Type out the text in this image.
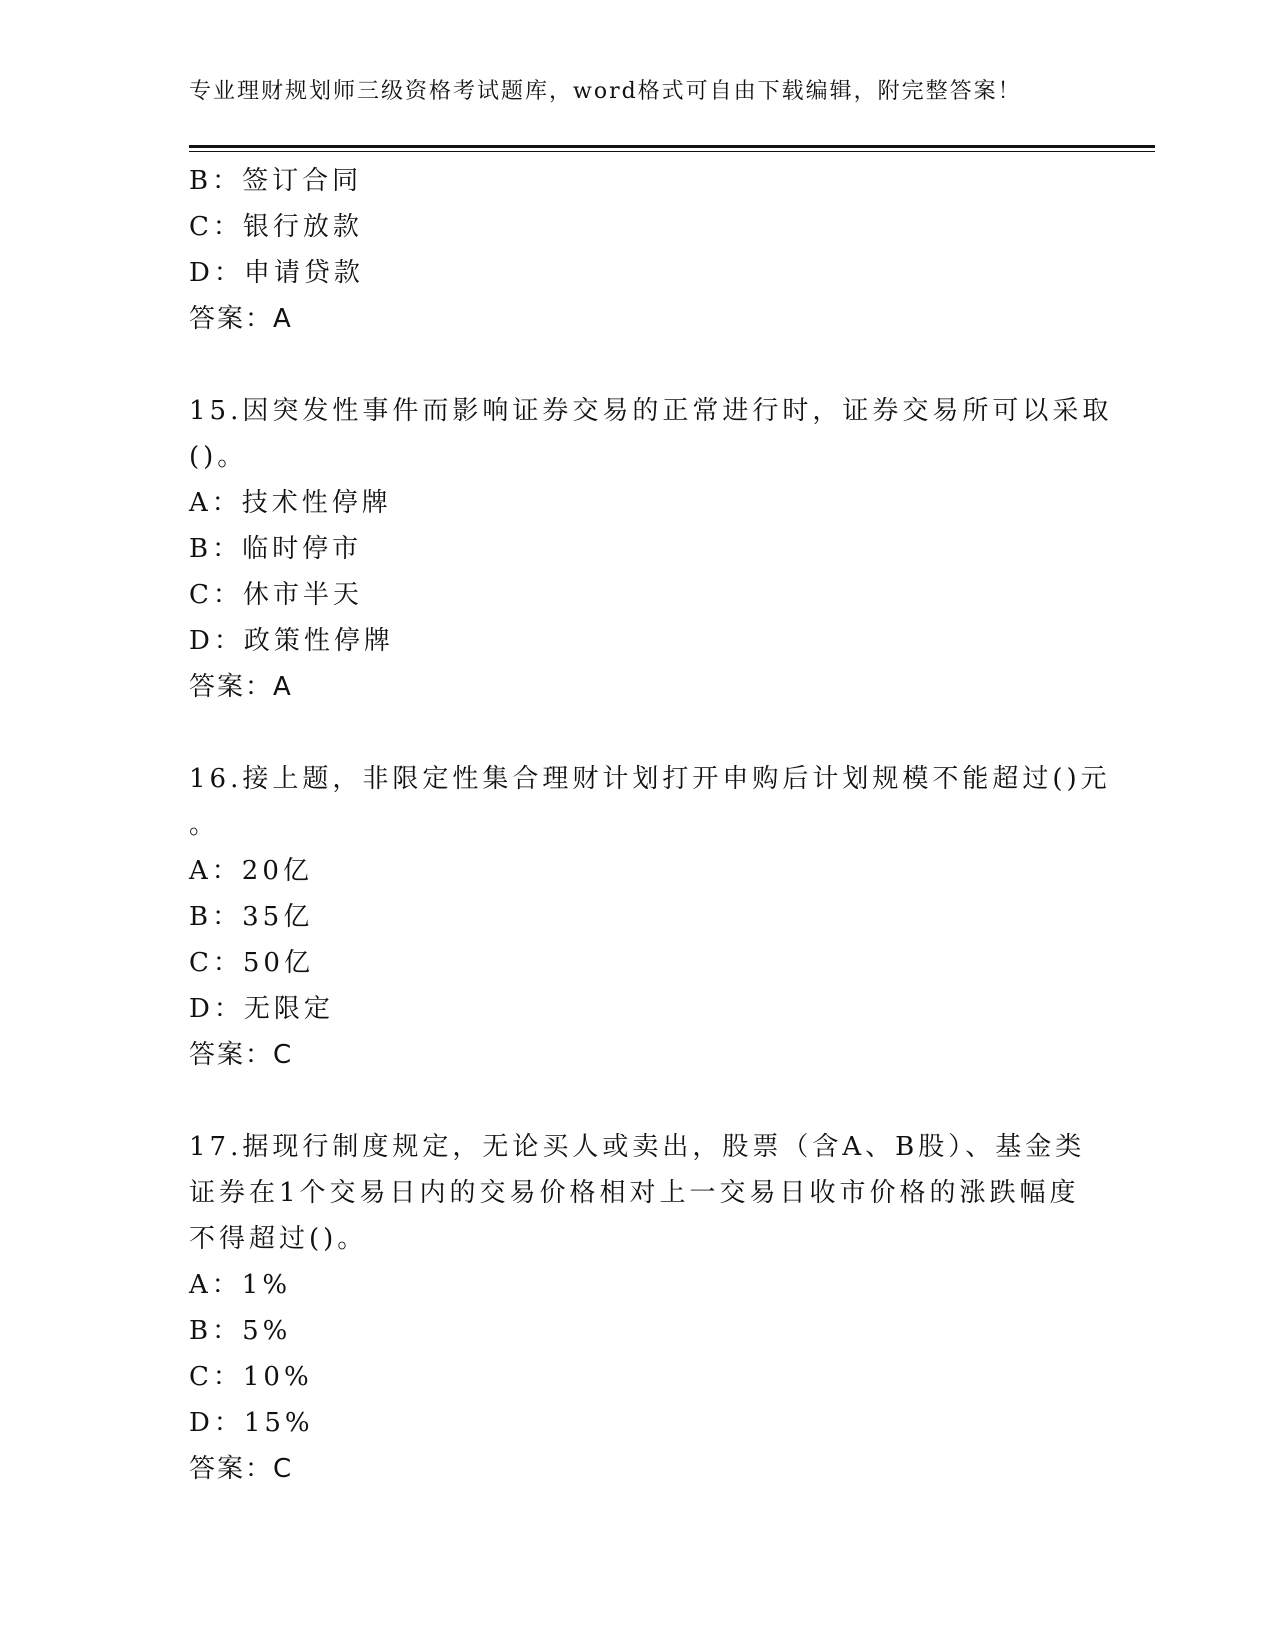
专业理财规划师三级资格考试题库，word格式可自由下载编辑，附完整答案！
B：签订合同
C：银行放款
D：申请贷款
答案：A
15.因突发性事件而影响证券交易的正常进行时，证券交易所可以采取
()。
A：技术性停牌
B：临时停市
C：休市半天
D：政策性停牌
答案：A
16.接上题，非限定性集合理财计划打开申购后计划规模不能超过()元
。
A：20亿
B：35亿
C：50亿
D：无限定
答案：C
17.据现行制度规定，无论买人或卖出，股票（含A、B股）、基金类
证券在1个交易日内的交易价格相对上一交易日收市价格的涨跌幅度
不得超过()。
A：1%
B：5%
C：10%
D：15%
答案：C
